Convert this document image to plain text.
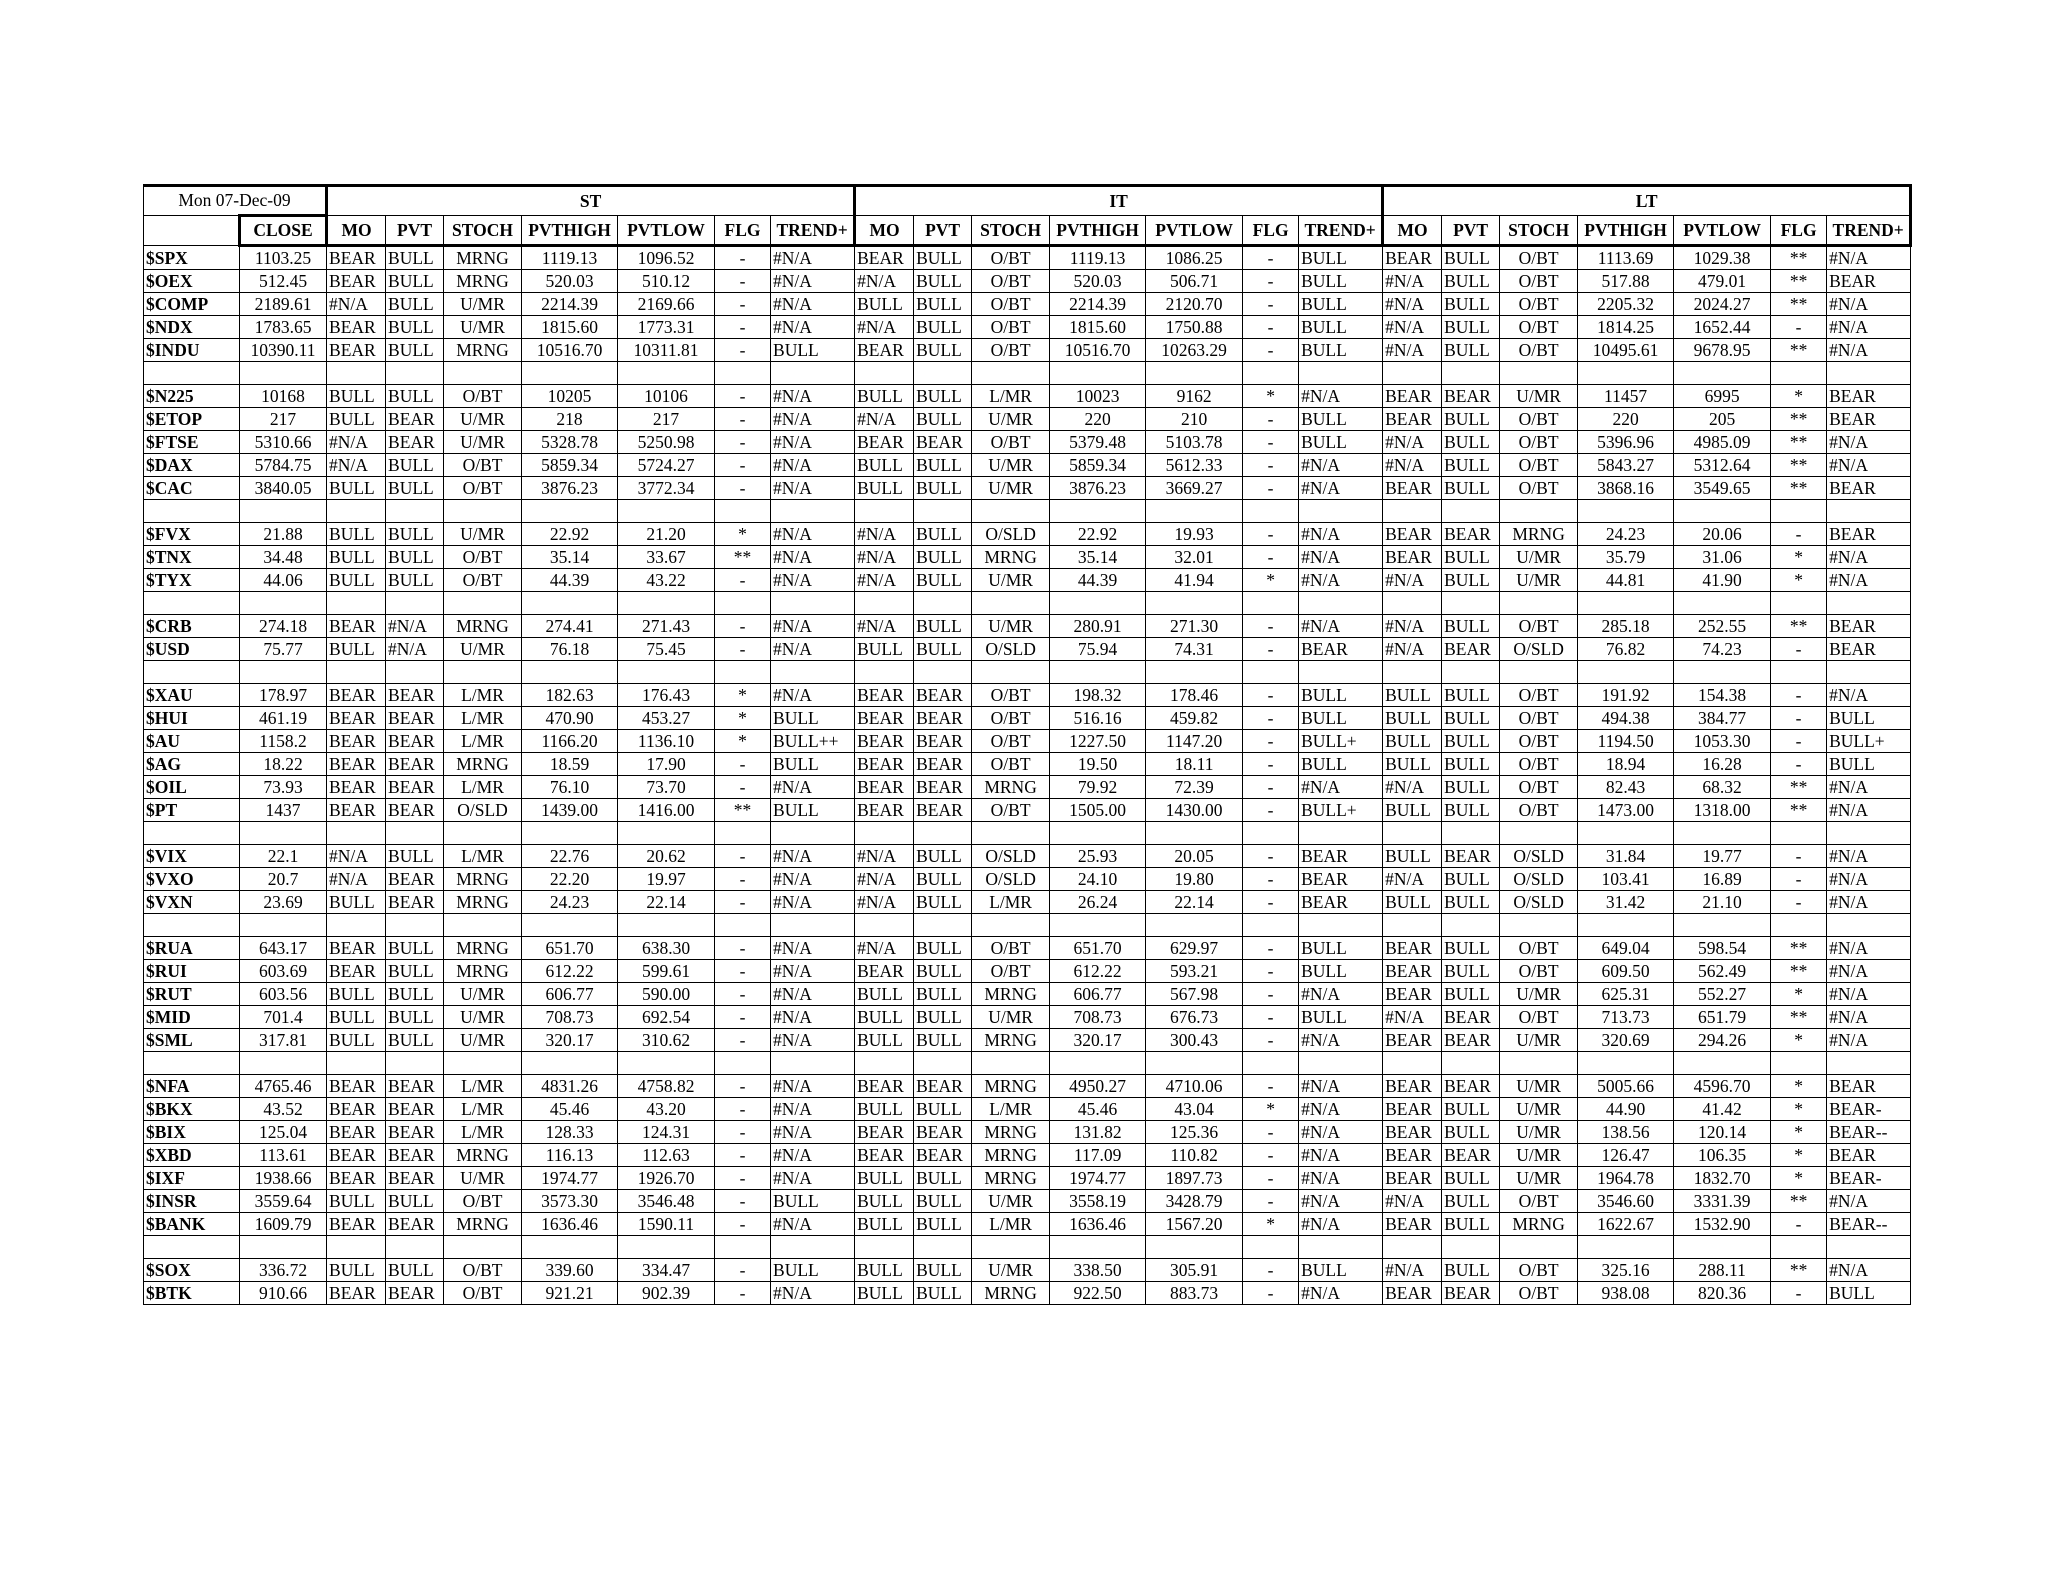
Mon 07-Dec-09		ST							IT							LT						
	CLOSE	MO	PVT	STOCH	PVTHIGH	PVTLOW	FLG	TREND+	MO	PVT	STOCH	PVTHIGH	PVTLOW	FLG	TREND+	MO	PVT	STOCH	PVTHIGH	PVTLOW	FLG	TREND+
$SPX	1103.25	BEAR	BULL	MRNG	1119.13	1096.52	-	#N/A	BEAR	BULL	O/BT	1119.13	1086.25	-	BULL	BEAR	BULL	O/BT	1113.69	1029.38	**	#N/A
$OEX	512.45	BEAR	BULL	MRNG	520.03	510.12	-	#N/A	#N/A	BULL	O/BT	520.03	506.71	-	BULL	#N/A	BULL	O/BT	517.88	479.01	**	BEAR
$COMP	2189.61	#N/A	BULL	U/MR	2214.39	2169.66	-	#N/A	BULL	BULL	O/BT	2214.39	2120.70	-	BULL	#N/A	BULL	O/BT	2205.32	2024.27	**	#N/A
$NDX	1783.65	BEAR	BULL	U/MR	1815.60	1773.31	-	#N/A	#N/A	BULL	O/BT	1815.60	1750.88	-	BULL	#N/A	BULL	O/BT	1814.25	1652.44	-	#N/A
$INDU	10390.11	BEAR	BULL	MRNG	10516.70	10311.81	-	BULL	BEAR	BULL	O/BT	10516.70	10263.29	-	BULL	#N/A	BULL	O/BT	10495.61	9678.95	**	#N/A

$N225	10168	BULL	BULL	O/BT	10205	10106	-	#N/A	BULL	BULL	L/MR	10023	9162	*	#N/A	BEAR	BEAR	U/MR	11457	6995	*	BEAR
$ETOP	217	BULL	BEAR	U/MR	218	217	-	#N/A	#N/A	BULL	U/MR	220	210	-	BULL	BEAR	BULL	O/BT	220	205	**	BEAR
$FTSE	5310.66	#N/A	BEAR	U/MR	5328.78	5250.98	-	#N/A	BEAR	BEAR	O/BT	5379.48	5103.78	-	BULL	#N/A	BULL	O/BT	5396.96	4985.09	**	#N/A
$DAX	5784.75	#N/A	BULL	O/BT	5859.34	5724.27	-	#N/A	BULL	BULL	U/MR	5859.34	5612.33	-	#N/A	#N/A	BULL	O/BT	5843.27	5312.64	**	#N/A
$CAC	3840.05	BULL	BULL	O/BT	3876.23	3772.34	-	#N/A	BULL	BULL	U/MR	3876.23	3669.27	-	#N/A	BEAR	BULL	O/BT	3868.16	3549.65	**	BEAR

$FVX	21.88	BULL	BULL	U/MR	22.92	21.20	*	#N/A	#N/A	BULL	O/SLD	22.92	19.93	-	#N/A	BEAR	BEAR	MRNG	24.23	20.06	-	BEAR
$TNX	34.48	BULL	BULL	O/BT	35.14	33.67	**	#N/A	#N/A	BULL	MRNG	35.14	32.01	-	#N/A	BEAR	BULL	U/MR	35.79	31.06	*	#N/A
$TYX	44.06	BULL	BULL	O/BT	44.39	43.22	-	#N/A	#N/A	BULL	U/MR	44.39	41.94	*	#N/A	#N/A	BULL	U/MR	44.81	41.90	*	#N/A

$CRB	274.18	BEAR	#N/A	MRNG	274.41	271.43	-	#N/A	#N/A	BULL	U/MR	280.91	271.30	-	#N/A	#N/A	BULL	O/BT	285.18	252.55	**	BEAR
$USD	75.77	BULL	#N/A	U/MR	76.18	75.45	-	#N/A	BULL	BULL	O/SLD	75.94	74.31	-	BEAR	#N/A	BEAR	O/SLD	76.82	74.23	-	BEAR

$XAU	178.97	BEAR	BEAR	L/MR	182.63	176.43	*	#N/A	BEAR	BEAR	O/BT	198.32	178.46	-	BULL	BULL	BULL	O/BT	191.92	154.38	-	#N/A
$HUI	461.19	BEAR	BEAR	L/MR	470.90	453.27	*	BULL	BEAR	BEAR	O/BT	516.16	459.82	-	BULL	BULL	BULL	O/BT	494.38	384.77	-	BULL
$AU	1158.2	BEAR	BEAR	L/MR	1166.20	1136.10	*	BULL++	BEAR	BEAR	O/BT	1227.50	1147.20	-	BULL+	BULL	BULL	O/BT	1194.50	1053.30	-	BULL+
$AG	18.22	BEAR	BEAR	MRNG	18.59	17.90	-	BULL	BEAR	BEAR	O/BT	19.50	18.11	-	BULL	BULL	BULL	O/BT	18.94	16.28	-	BULL
$OIL	73.93	BEAR	BEAR	L/MR	76.10	73.70	-	#N/A	BEAR	BEAR	MRNG	79.92	72.39	-	#N/A	#N/A	BULL	O/BT	82.43	68.32	**	#N/A
$PT	1437	BEAR	BEAR	O/SLD	1439.00	1416.00	**	BULL	BEAR	BEAR	O/BT	1505.00	1430.00	-	BULL+	BULL	BULL	O/BT	1473.00	1318.00	**	#N/A

$VIX	22.1	#N/A	BULL	L/MR	22.76	20.62	-	#N/A	#N/A	BULL	O/SLD	25.93	20.05	-	BEAR	BULL	BEAR	O/SLD	31.84	19.77	-	#N/A
$VXO	20.7	#N/A	BEAR	MRNG	22.20	19.97	-	#N/A	#N/A	BULL	O/SLD	24.10	19.80	-	BEAR	#N/A	BULL	O/SLD	103.41	16.89	-	#N/A
$VXN	23.69	BULL	BEAR	MRNG	24.23	22.14	-	#N/A	#N/A	BULL	L/MR	26.24	22.14	-	BEAR	BULL	BULL	O/SLD	31.42	21.10	-	#N/A

$RUA	643.17	BEAR	BULL	MRNG	651.70	638.30	-	#N/A	#N/A	BULL	O/BT	651.70	629.97	-	BULL	BEAR	BULL	O/BT	649.04	598.54	**	#N/A
$RUI	603.69	BEAR	BULL	MRNG	612.22	599.61	-	#N/A	BEAR	BULL	O/BT	612.22	593.21	-	BULL	BEAR	BULL	O/BT	609.50	562.49	**	#N/A
$RUT	603.56	BULL	BULL	U/MR	606.77	590.00	-	#N/A	BULL	BULL	MRNG	606.77	567.98	-	#N/A	BEAR	BULL	U/MR	625.31	552.27	*	#N/A
$MID	701.4	BULL	BULL	U/MR	708.73	692.54	-	#N/A	BULL	BULL	U/MR	708.73	676.73	-	BULL	#N/A	BEAR	O/BT	713.73	651.79	**	#N/A
$SML	317.81	BULL	BULL	U/MR	320.17	310.62	-	#N/A	BULL	BULL	MRNG	320.17	300.43	-	#N/A	BEAR	BEAR	U/MR	320.69	294.26	*	#N/A

$NFA	4765.46	BEAR	BEAR	L/MR	4831.26	4758.82	-	#N/A	BEAR	BEAR	MRNG	4950.27	4710.06	-	#N/A	BEAR	BEAR	U/MR	5005.66	4596.70	*	BEAR
$BKX	43.52	BEAR	BEAR	L/MR	45.46	43.20	-	#N/A	BULL	BULL	L/MR	45.46	43.04	*	#N/A	BEAR	BULL	U/MR	44.90	41.42	*	BEAR-
$BIX	125.04	BEAR	BEAR	L/MR	128.33	124.31	-	#N/A	BEAR	BEAR	MRNG	131.82	125.36	-	#N/A	BEAR	BULL	U/MR	138.56	120.14	*	BEAR--
$XBD	113.61	BEAR	BEAR	MRNG	116.13	112.63	-	#N/A	BEAR	BEAR	MRNG	117.09	110.82	-	#N/A	BEAR	BEAR	U/MR	126.47	106.35	*	BEAR
$IXF	1938.66	BEAR	BEAR	U/MR	1974.77	1926.70	-	#N/A	BULL	BULL	MRNG	1974.77	1897.73	-	#N/A	BEAR	BULL	U/MR	1964.78	1832.70	*	BEAR-
$INSR	3559.64	BULL	BULL	O/BT	3573.30	3546.48	-	BULL	BULL	BULL	U/MR	3558.19	3428.79	-	#N/A	#N/A	BULL	O/BT	3546.60	3331.39	**	#N/A
$BANK	1609.79	BEAR	BEAR	MRNG	1636.46	1590.11	-	#N/A	BULL	BULL	L/MR	1636.46	1567.20	*	#N/A	BEAR	BULL	MRNG	1622.67	1532.90	-	BEAR--

$SOX	336.72	BULL	BULL	O/BT	339.60	334.47	-	BULL	BULL	BULL	U/MR	338.50	305.91	-	BULL	#N/A	BULL	O/BT	325.16	288.11	**	#N/A
$BTK	910.66	BEAR	BEAR	O/BT	921.21	902.39	-	#N/A	BULL	BULL	MRNG	922.50	883.73	-	#N/A	BEAR	BEAR	O/BT	938.08	820.36	-	BULL
